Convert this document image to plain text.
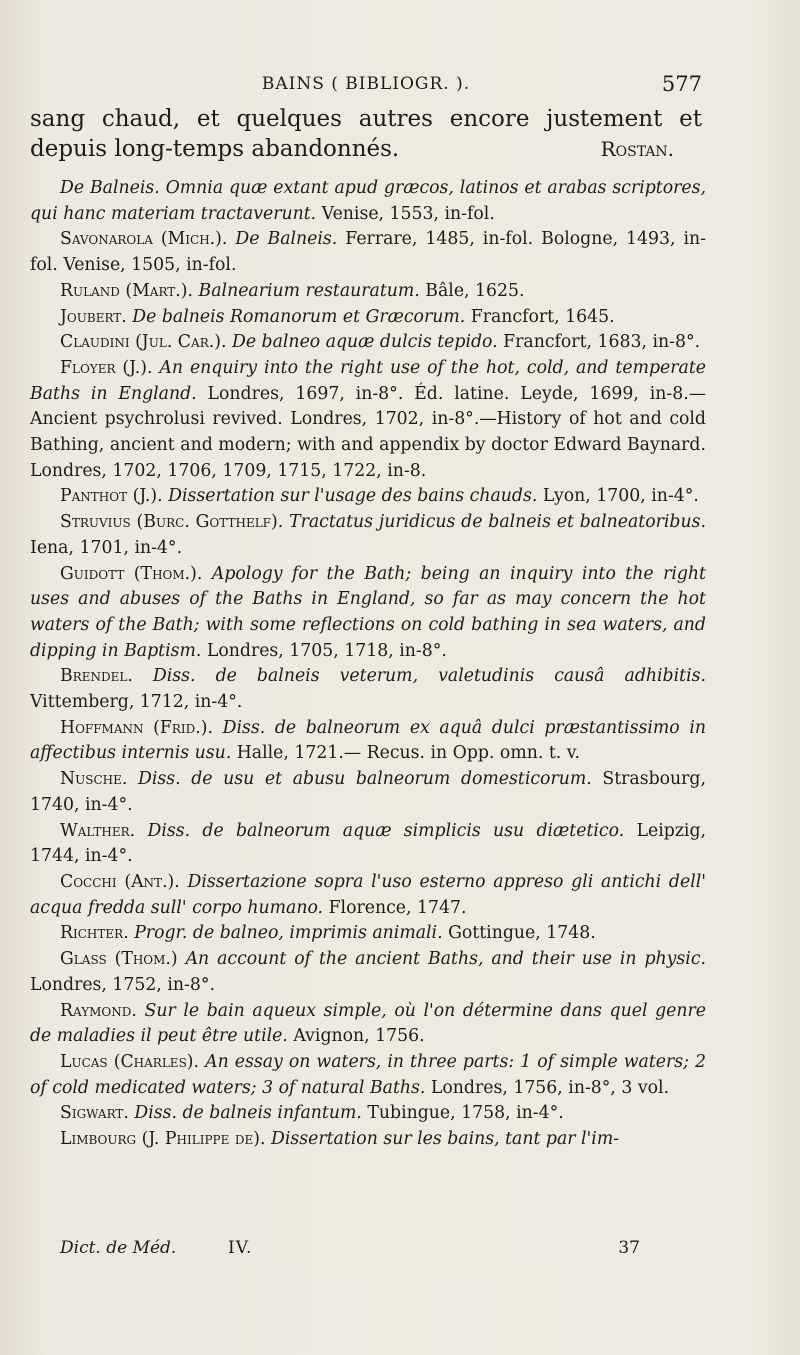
BAINS ( BIBLIOGR. ).	577
sang chaud, et quelques autres encore justement et depuis long-temps abandonnés.	Rostan.

De Balneis. Omnia quæ extant apud græcos, latinos et arabas scriptores, qui hanc materiam tractaverunt. Venise, 1553, in-fol.

Savonarola (Mich.). De Balneis. Ferrare, 1485, in-fol. Bologne, 1493, in-fol. Venise, 1505, in-fol.

Ruland (Mart.). Balnearium restauratum. Bâle, 1625.

Joubert. De balneis Romanorum et Græcorum. Francfort, 1645.

Claudini (Jul. Car.). De balneo aquæ dulcis tepido. Francfort, 1683, in-8°.

Floyer (J.). An enquiry into the right use of the hot, cold, and temperate Baths in England. Londres, 1697, in-8°. Éd. latine. Leyde, 1699, in-8.— Ancient psychrolusi revived. Londres, 1702, in-8°.—History of hot and cold Bathing, ancient and modern; with and appendix by doctor Edward Baynard. Londres, 1702, 1706, 1709, 1715, 1722, in-8.

Panthot (J.). Dissertation sur l'usage des bains chauds. Lyon, 1700, in-4°.

Struvius (Burc. Gotthelf). Tractatus juridicus de balneis et balneatoribus. Iena, 1701, in-4°.

Guidott (Thom.). Apology for the Bath; being an inquiry into the right uses and abuses of the Baths in England, so far as may concern the hot waters of the Bath; with some reflections on cold bathing in sea waters, and dipping in Baptism. Londres, 1705, 1718, in-8°.

Brendel. Diss. de balneis veterum, valetudinis causâ adhibitis. Vittemberg, 1712, in-4°.

Hoffmann (Frid.). Diss. de balneorum ex aquâ dulci præstantissimo in affectibus internis usu. Halle, 1721.— Recus. in Opp. omn. t. v.

Nusche. Diss. de usu et abusu balneorum domesticorum. Strasbourg, 1740, in-4°.

Walther. Diss. de balneorum aquæ simplicis usu diætetico. Leipzig, 1744, in-4°.

Cocchi (Ant.). Dissertazione sopra l'uso esterno appreso gli antichi dell' acqua fredda sull' corpo humano. Florence, 1747.

Richter. Progr. de balneo, imprimis animali. Gottingue, 1748.

Glass (Thom.) An account of the ancient Baths, and their use in physic. Londres, 1752, in-8°.

Raymond. Sur le bain aqueux simple, où l'on détermine dans quel genre de maladies il peut être utile. Avignon, 1756.

Lucas (Charles). An essay on waters, in three parts: 1 of simple waters; 2 of cold medicated waters; 3 of natural Baths. Londres, 1756, in-8°, 3 vol.

Sigwart. Diss. de balneis infantum. Tubingue, 1758, in-4°.

Limbourg (J. Philippe de). Dissertation sur les bains, tant par l'im-

Dict. de Méd.	IV.	37
